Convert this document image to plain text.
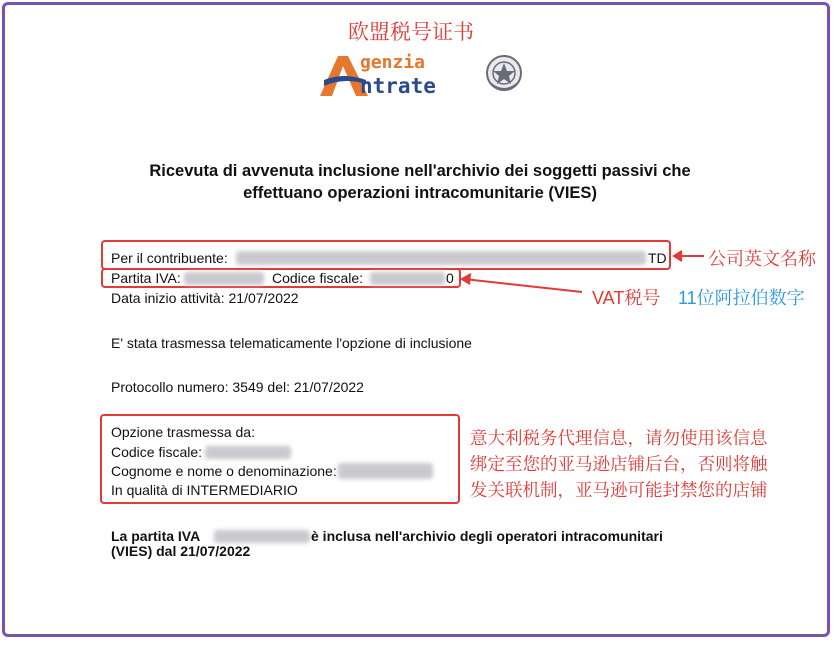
欧盟税号证书
genzia
ntrate
Ricevuta di avvenuta inclusione nell'archivio dei soggetti passivi che
effettuano operazioni intracomunitarie (VIES)
Per il contribuente:	TD
Partita IVA:	Codice fiscale:	0
Data inizio attività: 21/07/2022
E' stata trasmessa telematicamente l'opzione di inclusione
Protocollo numero: 3549 del: 21/07/2022
Opzione trasmessa da:
Codice fiscale:
Cognome e nome o denominazione:
In qualità di INTERMEDIARIO
La partita IVA	è inclusa nell'archivio degli operatori intracomunitari
(VIES) dal 21/07/2022
公司英文名称
VAT税号 11位阿拉伯数字
意大利税务代理信息，请勿使用该信息
绑定至您的亚马逊店铺后台，否则将触
发关联机制，亚马逊可能封禁您的店铺
